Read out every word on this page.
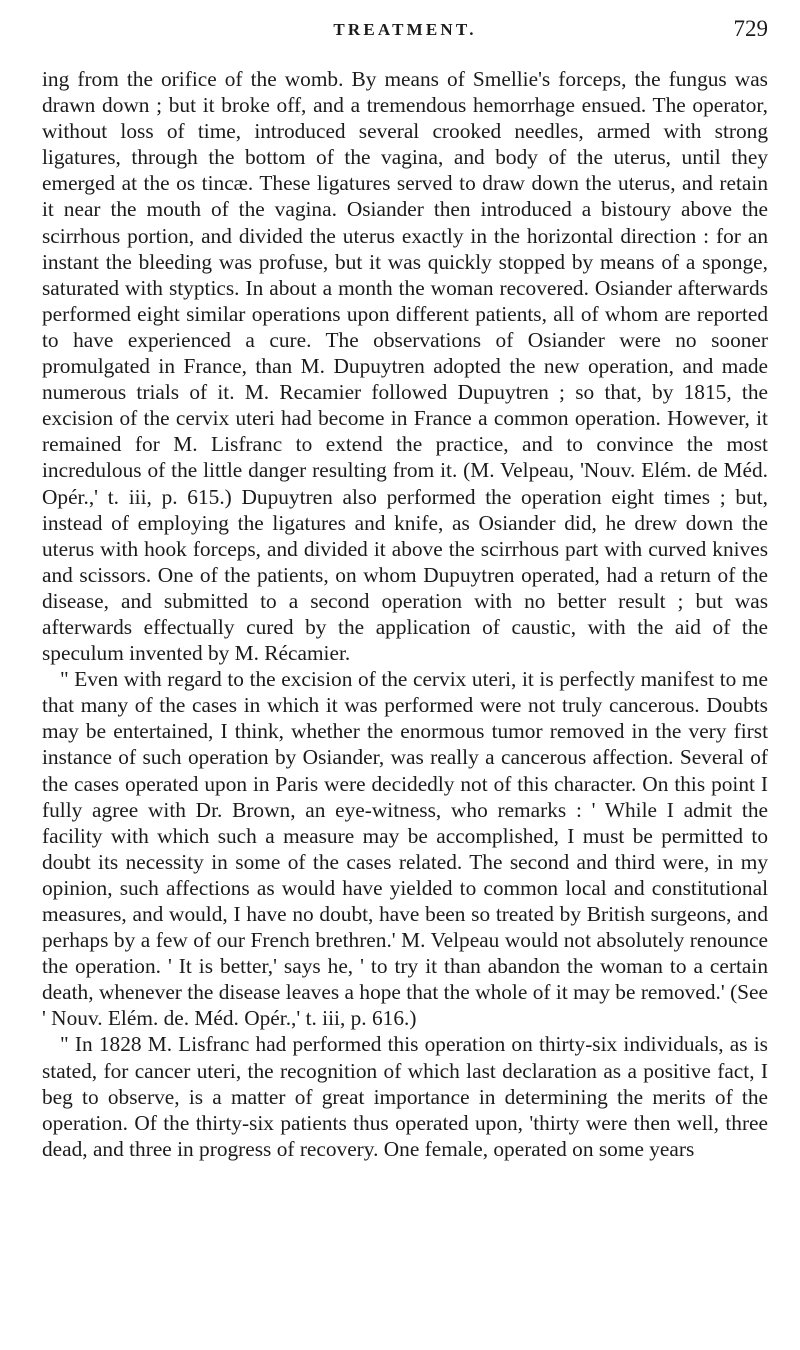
TREATMENT.	729

ing from the orifice of the womb. By means of Smellie's forceps, the fungus was drawn down ; but it broke off, and a tremendous hemorrhage ensued. The operator, without loss of time, introduced several crooked needles, armed with strong ligatures, through the bottom of the vagina, and body of the uterus, until they emerged at the os tincæ. These ligatures served to draw down the uterus, and retain it near the mouth of the vagina. Osiander then introduced a bistoury above the scirrhous portion, and divided the uterus exactly in the horizontal direction : for an instant the bleeding was profuse, but it was quickly stopped by means of a sponge, saturated with styptics. In about a month the woman recovered. Osiander afterwards performed eight similar operations upon different patients, all of whom are reported to have experienced a cure. The observations of Osiander were no sooner promulgated in France, than M. Dupuytren adopted the new operation, and made numerous trials of it. M. Recamier followed Dupuytren ; so that, by 1815, the excision of the cervix uteri had become in France a common operation. However, it remained for M. Lisfranc to extend the practice, and to convince the most incredulous of the little danger resulting from it. (M. Velpeau, 'Nouv. Elém. de Méd. Opér.,' t. iii, p. 615.) Dupuytren also performed the operation eight times ; but, instead of employing the ligatures and knife, as Osiander did, he drew down the uterus with hook forceps, and divided it above the scirrhous part with curved knives and scissors. One of the patients, on whom Dupuytren operated, had a return of the disease, and submitted to a second operation with no better result ; but was afterwards effectually cured by the application of caustic, with the aid of the speculum invented by M. Récamier.

" Even with regard to the excision of the cervix uteri, it is perfectly manifest to me that many of the cases in which it was performed were not truly cancerous. Doubts may be entertained, I think, whether the enormous tumor removed in the very first instance of such operation by Osiander, was really a cancerous affection. Several of the cases operated upon in Paris were decidedly not of this character. On this point I fully agree with Dr. Brown, an eye-witness, who remarks : ' While I admit the facility with which such a measure may be accomplished, I must be permitted to doubt its necessity in some of the cases related. The second and third were, in my opinion, such affections as would have yielded to common local and constitutional measures, and would, I have no doubt, have been so treated by British surgeons, and perhaps by a few of our French brethren.' M. Velpeau would not absolutely renounce the operation. ' It is better,' says he, ' to try it than abandon the woman to a certain death, whenever the disease leaves a hope that the whole of it may be removed.' (See ' Nouv. Elém. de. Méd. Opér.,' t. iii, p. 616.)

" In 1828 M. Lisfranc had performed this operation on thirty-six individuals, as is stated, for cancer uteri, the recognition of which last declaration as a positive fact, I beg to observe, is a matter of great importance in determining the merits of the operation. Of the thirty-six patients thus operated upon, 'thirty were then well, three dead, and three in progress of recovery. One female, operated on some years
